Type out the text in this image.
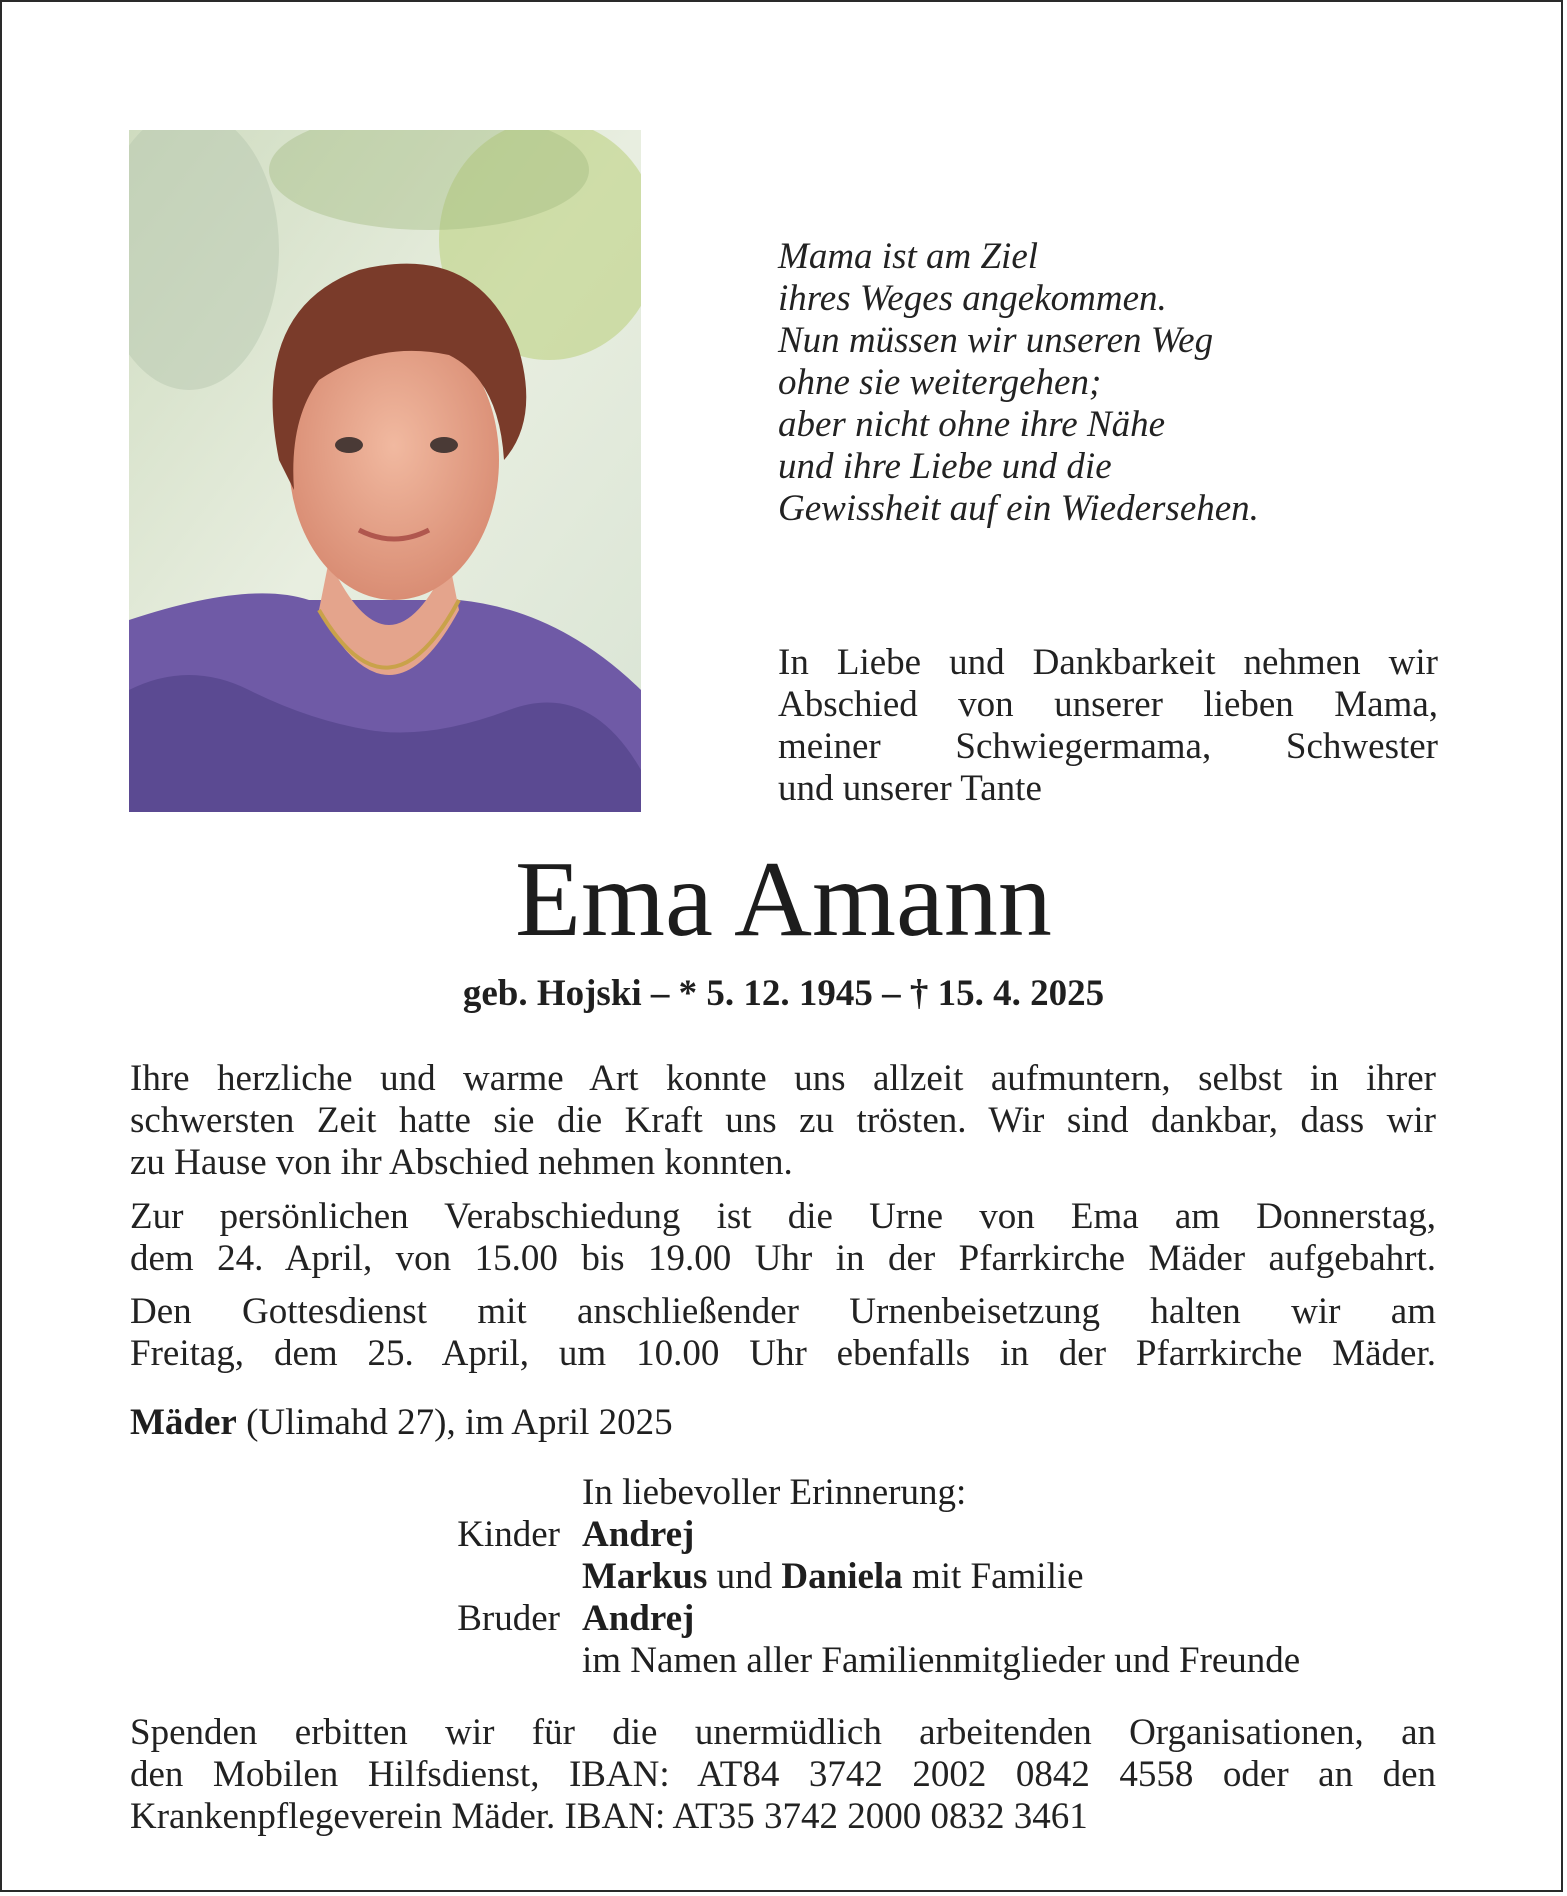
Mama ist am Ziel
ihres Weges angekommen.
Nun müssen wir unseren Weg
ohne sie weitergehen;
aber nicht ohne ihre Nähe
und ihre Liebe und die
Gewissheit auf ein Wiedersehen.
In Liebe und Dankbarkeit nehmen wir
Abschied von unserer lieben Mama,
meiner Schwiegermama, Schwester
und unserer Tante
Ema Amann
geb. Hojski – * 5. 12. 1945 – † 15. 4. 2025
Ihre herzliche und warme Art konnte uns allzeit aufmuntern, selbst in ihrer
schwersten Zeit hatte sie die Kraft uns zu trösten. Wir sind dankbar, dass wir
zu Hause von ihr Abschied nehmen konnten.
Zur persönlichen Verabschiedung ist die Urne von Ema am Donnerstag,
dem 24. April, von 15.00 bis 19.00 Uhr in der Pfarrkirche Mäder aufgebahrt.
Den Gottesdienst mit anschließender Urnenbeisetzung halten wir am
Freitag, dem 25. April, um 10.00 Uhr ebenfalls in der Pfarrkirche Mäder.
Mäder (Ulimahd 27), im April 2025
In liebevoller Erinnerung:
Kinder Andrej
Markus und Daniela mit Familie
Bruder Andrej
im Namen aller Familienmitglieder und Freunde
Spenden erbitten wir für die unermüdlich arbeitenden Organisationen, an
den Mobilen Hilfsdienst, IBAN: AT84 3742 2002 0842 4558 oder an den
Krankenpflegeverein Mäder. IBAN: AT35 3742 2000 0832 3461
